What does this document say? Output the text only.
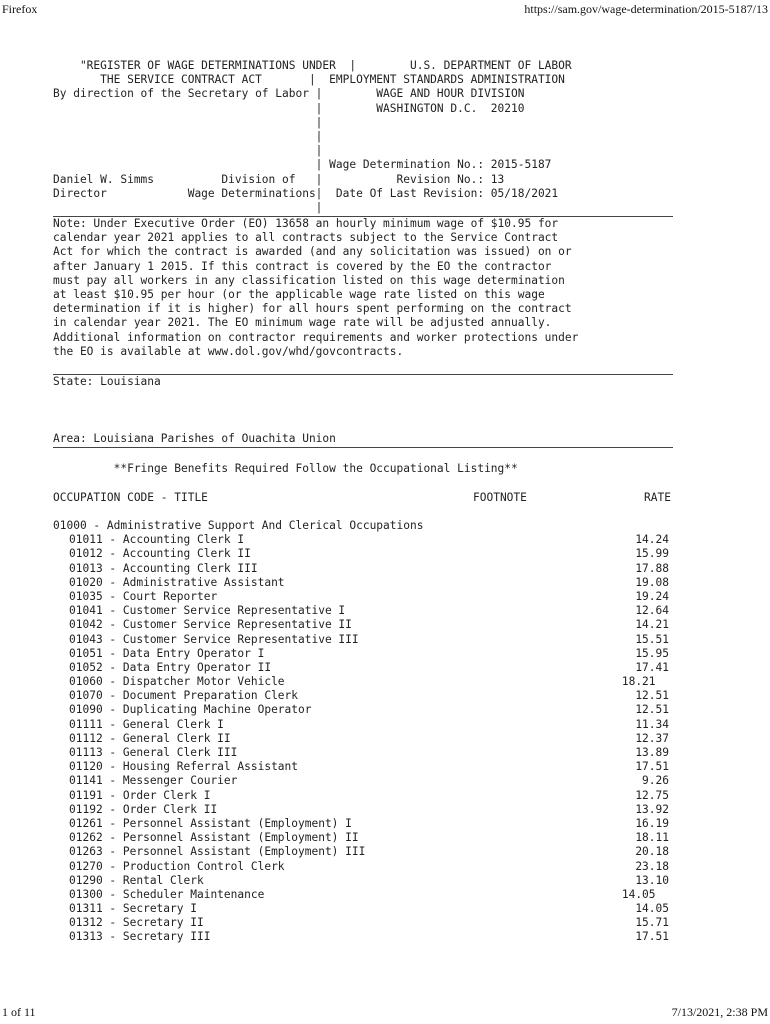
Firefox	https://sam.gov/wage-determination/2015-5187/13
"REGISTER OF WAGE DETERMINATIONS UNDER  |        U.S. DEPARTMENT OF LABOR
THE SERVICE CONTRACT ACT       |  EMPLOYMENT STANDARDS ADMINISTRATION
By direction of the Secretary of Labor |        WAGE AND HOUR DIVISION
|        WASHINGTON D.C.  20210
|
|
|
| Wage Determination No.: 2015-5187
Daniel W. Simms          Division of   |           Revision No.: 13
Director            Wage Determinations|  Date Of Last Revision: 05/18/2021
|
Note: Under Executive Order (EO) 13658 an hourly minimum wage of $10.95 for
calendar year 2021 applies to all contracts subject to the Service Contract
Act for which the contract is awarded (and any solicitation was issued) on or
after January 1 2015. If this contract is covered by the EO the contractor
must pay all workers in any classification listed on this wage determination
at least $10.95 per hour (or the applicable wage rate listed on this wage
determination if it is higher) for all hours spent performing on the contract
in calendar year 2021. The EO minimum wage rate will be adjusted annually.
Additional information on contractor requirements and worker protections under
the EO is available at www.dol.gov/whd/govcontracts.
State: Louisiana
Area: Louisiana Parishes of Ouachita Union
**Fringe Benefits Required Follow the Occupational Listing**
OCCUPATION CODE - TITLE	FOOTNOTE	RATE
01000 - Administrative Support And Clerical Occupations
01011 - Accounting Clerk I	14.24
01012 - Accounting Clerk II	15.99
01013 - Accounting Clerk III	17.88
01020 - Administrative Assistant	19.08
01035 - Court Reporter	19.24
01041 - Customer Service Representative I	12.64
01042 - Customer Service Representative II	14.21
01043 - Customer Service Representative III	15.51
01051 - Data Entry Operator I	15.95
01052 - Data Entry Operator II	17.41
01060 - Dispatcher Motor Vehicle	18.21
01070 - Document Preparation Clerk	12.51
01090 - Duplicating Machine Operator	12.51
01111 - General Clerk I	11.34
01112 - General Clerk II	12.37
01113 - General Clerk III	13.89
01120 - Housing Referral Assistant	17.51
01141 - Messenger Courier	9.26
01191 - Order Clerk I	12.75
01192 - Order Clerk II	13.92
01261 - Personnel Assistant (Employment) I	16.19
01262 - Personnel Assistant (Employment) II	18.11
01263 - Personnel Assistant (Employment) III	20.18
01270 - Production Control Clerk	23.18
01290 - Rental Clerk	13.10
01300 - Scheduler Maintenance	14.05
01311 - Secretary I	14.05
01312 - Secretary II	15.71
01313 - Secretary III	17.51
1 of 11	7/13/2021, 2:38 PM
